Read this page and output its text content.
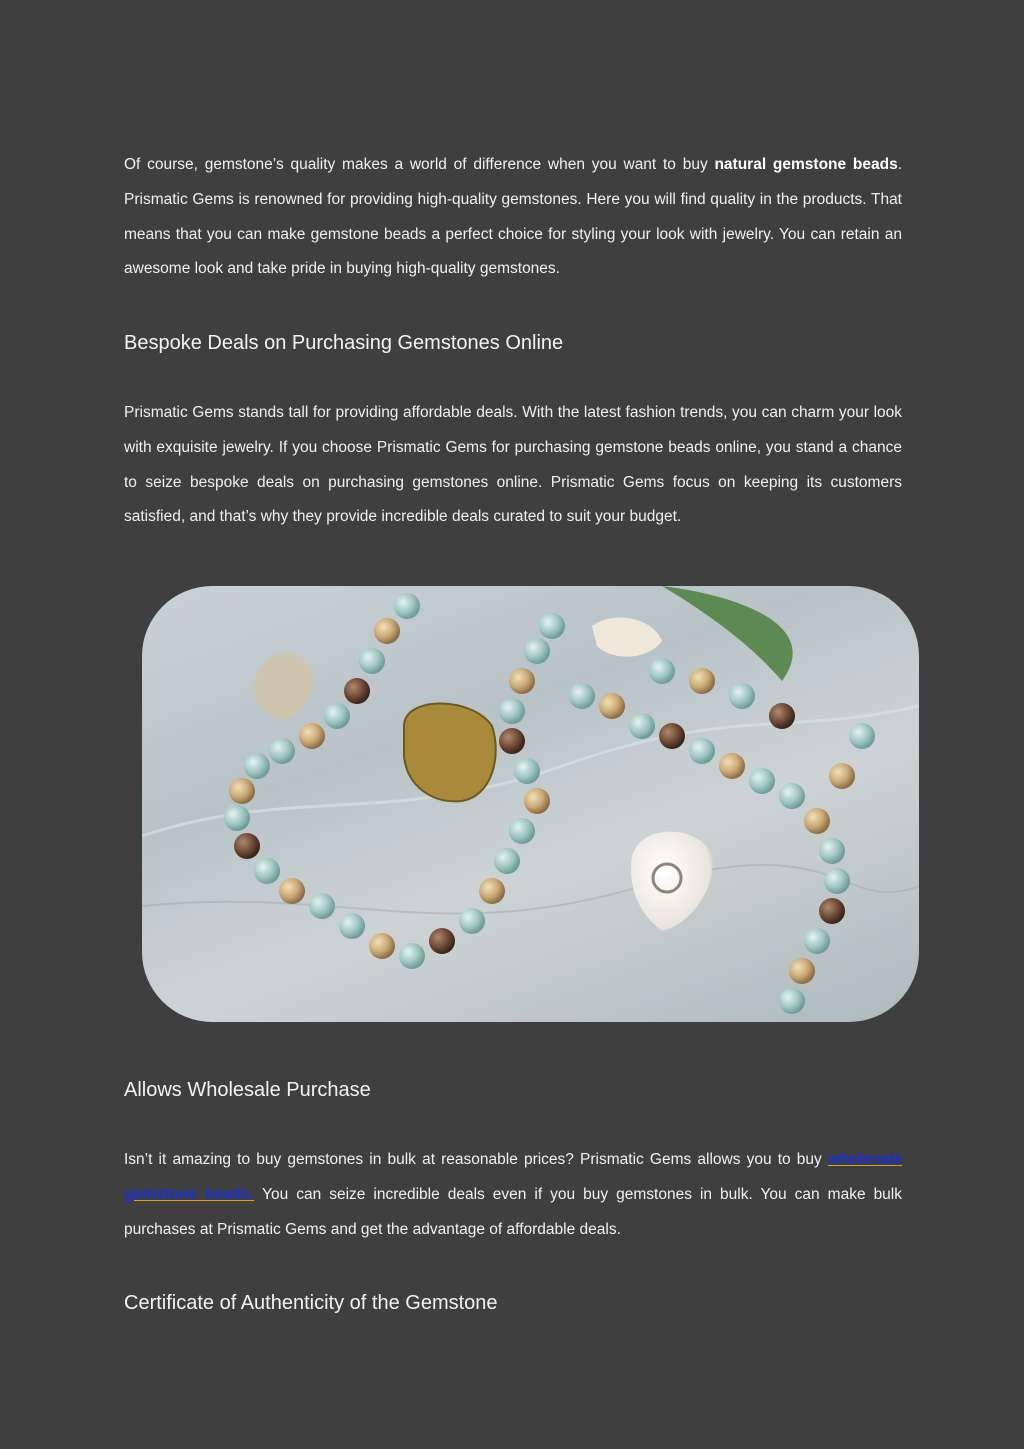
Of course, gemstone’s quality makes a world of difference when you want to buy natural gemstone beads. Prismatic Gems is renowned for providing high-quality gemstones. Here you will find quality in the products. That means that you can make gemstone beads a perfect choice for styling your look with jewelry. You can retain an awesome look and take pride in buying high-quality gemstones.

Bespoke Deals on Purchasing Gemstones Online

Prismatic Gems stands tall for providing affordable deals. With the latest fashion trends, you can charm your look with exquisite jewelry. If you choose Prismatic Gems for purchasing gemstone beads online, you stand a chance to seize bespoke deals on purchasing gemstones online. Prismatic Gems focus on keeping its customers satisfied, and that’s why they provide incredible deals curated to suit your budget.

Allows Wholesale Purchase

Isn’t it amazing to buy gemstones in bulk at reasonable prices? Prismatic Gems allows you to buy wholesale gemstone beads. You can seize incredible deals even if you buy gemstones in bulk. You can make bulk purchases at Prismatic Gems and get the advantage of affordable deals.

Certificate of Authenticity of the Gemstone
